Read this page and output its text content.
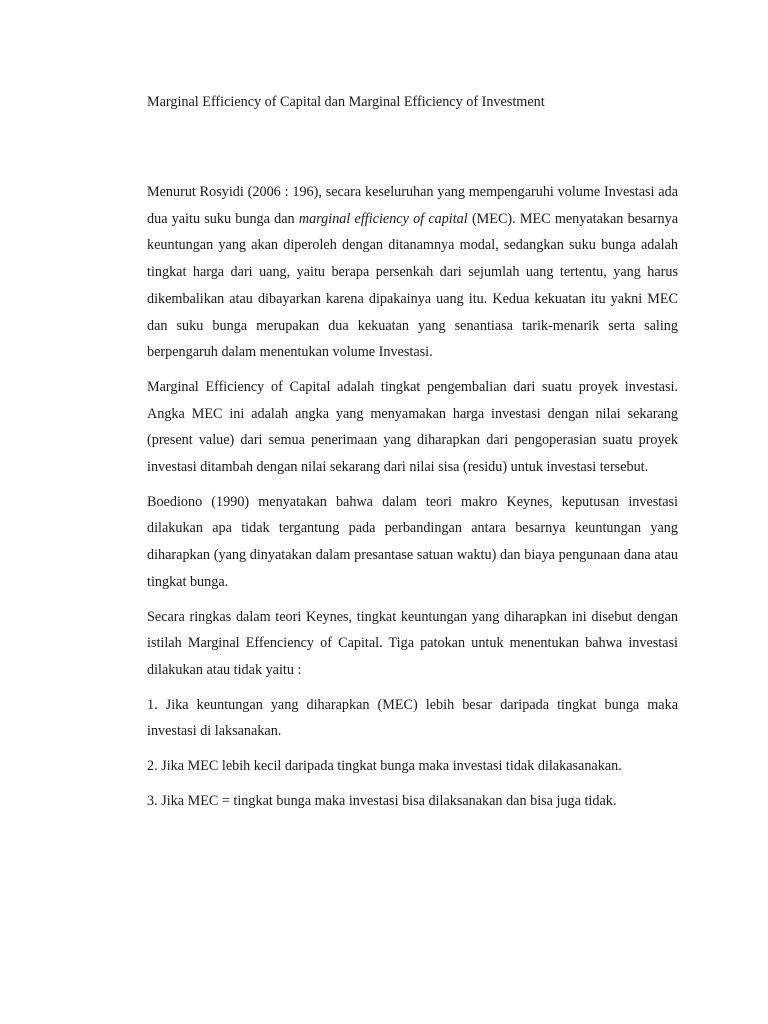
Marginal Efficiency of Capital dan Marginal Efficiency of Investment

Menurut Rosyidi (2006 : 196), secara keseluruhan yang mempengaruhi volume Investasi ada dua yaitu suku bunga dan marginal efficiency of capital (MEC). MEC menyatakan besarnya keuntungan yang akan diperoleh dengan ditanamnya modal, sedangkan suku bunga adalah tingkat harga dari uang, yaitu berapa persenkah dari sejumlah uang tertentu, yang harus dikembalikan atau dibayarkan karena dipakainya uang itu. Kedua kekuatan itu yakni MEC dan suku bunga merupakan dua kekuatan yang senantiasa tarik-menarik serta saling berpengaruh dalam menentukan volume Investasi.

Marginal Efficiency of Capital adalah tingkat pengembalian dari suatu proyek investasi. Angka MEC ini adalah angka yang menyamakan harga investasi dengan nilai sekarang (present value) dari semua penerimaan yang diharapkan dari pengoperasian suatu proyek investasi ditambah dengan nilai sekarang dari nilai sisa (residu) untuk investasi tersebut.

Boediono (1990) menyatakan bahwa dalam teori makro Keynes, keputusan investasi dilakukan apa tidak tergantung pada perbandingan antara besarnya keuntungan yang diharapkan (yang dinyatakan dalam presantase satuan waktu) dan biaya pengunaan dana atau tingkat bunga.

Secara ringkas dalam teori Keynes, tingkat keuntungan yang diharapkan ini disebut dengan istilah Marginal Effenciency of Capital. Tiga patokan untuk menentukan bahwa investasi dilakukan atau tidak yaitu :

1. Jika keuntungan yang diharapkan (MEC) lebih besar daripada tingkat bunga maka investasi di laksanakan.

2. Jika MEC lebih kecil daripada tingkat bunga maka investasi tidak dilakasanakan.

3. Jika MEC = tingkat bunga maka investasi bisa dilaksanakan dan bisa juga tidak.
